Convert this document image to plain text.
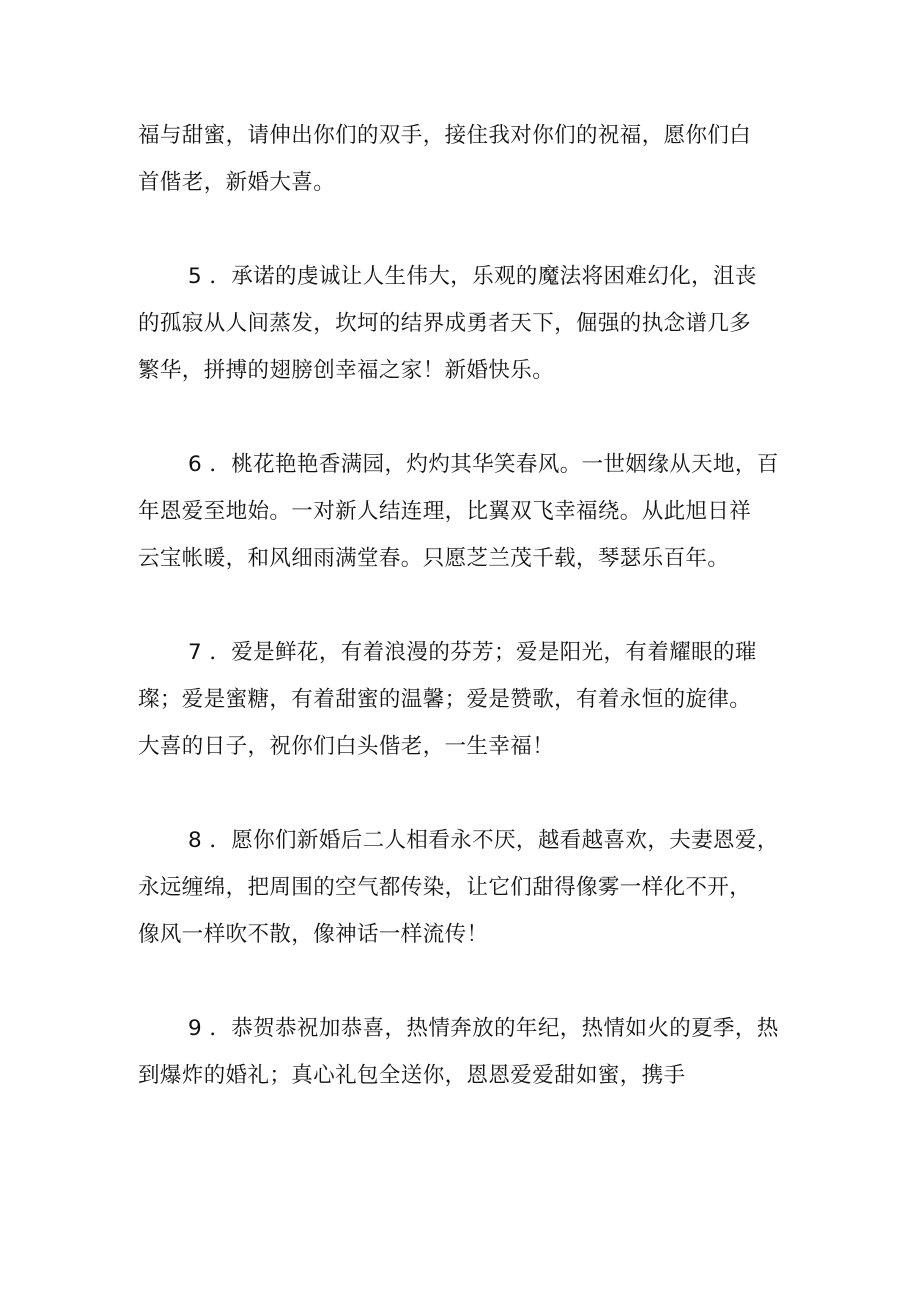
福与甜蜜，请伸出你们的双手，接住我对你们的祝福，愿你们白
首偕老，新婚大喜。

5 ．承诺的虔诚让人生伟大，乐观的魔法将困难幻化，沮丧
的孤寂从人间蒸发，坎坷的结界成勇者天下，倔强的执念谱几多
繁华，拼搏的翅膀创幸福之家！新婚快乐。

6 ．桃花艳艳香满园，灼灼其华笑春风。一世姻缘从天地，百
年恩爱至地始。一对新人结连理，比翼双飞幸福绕。从此旭日祥
云宝帐暖，和风细雨满堂春。只愿芝兰茂千载，琴瑟乐百年。

7 ．爱是鲜花，有着浪漫的芬芳；爱是阳光，有着耀眼的璀
璨；爱是蜜糖，有着甜蜜的温馨；爱是赞歌，有着永恒的旋律。
大喜的日子，祝你们白头偕老，一生幸福！

8 ．愿你们新婚后二人相看永不厌，越看越喜欢，夫妻恩爱，
永远缠绵，把周围的空气都传染，让它们甜得像雾一样化不开，
像风一样吹不散，像神话一样流传！

9 ．恭贺恭祝加恭喜，热情奔放的年纪，热情如火的夏季，热
到爆炸的婚礼；真心礼包全送你，恩恩爱爱甜如蜜，携手
